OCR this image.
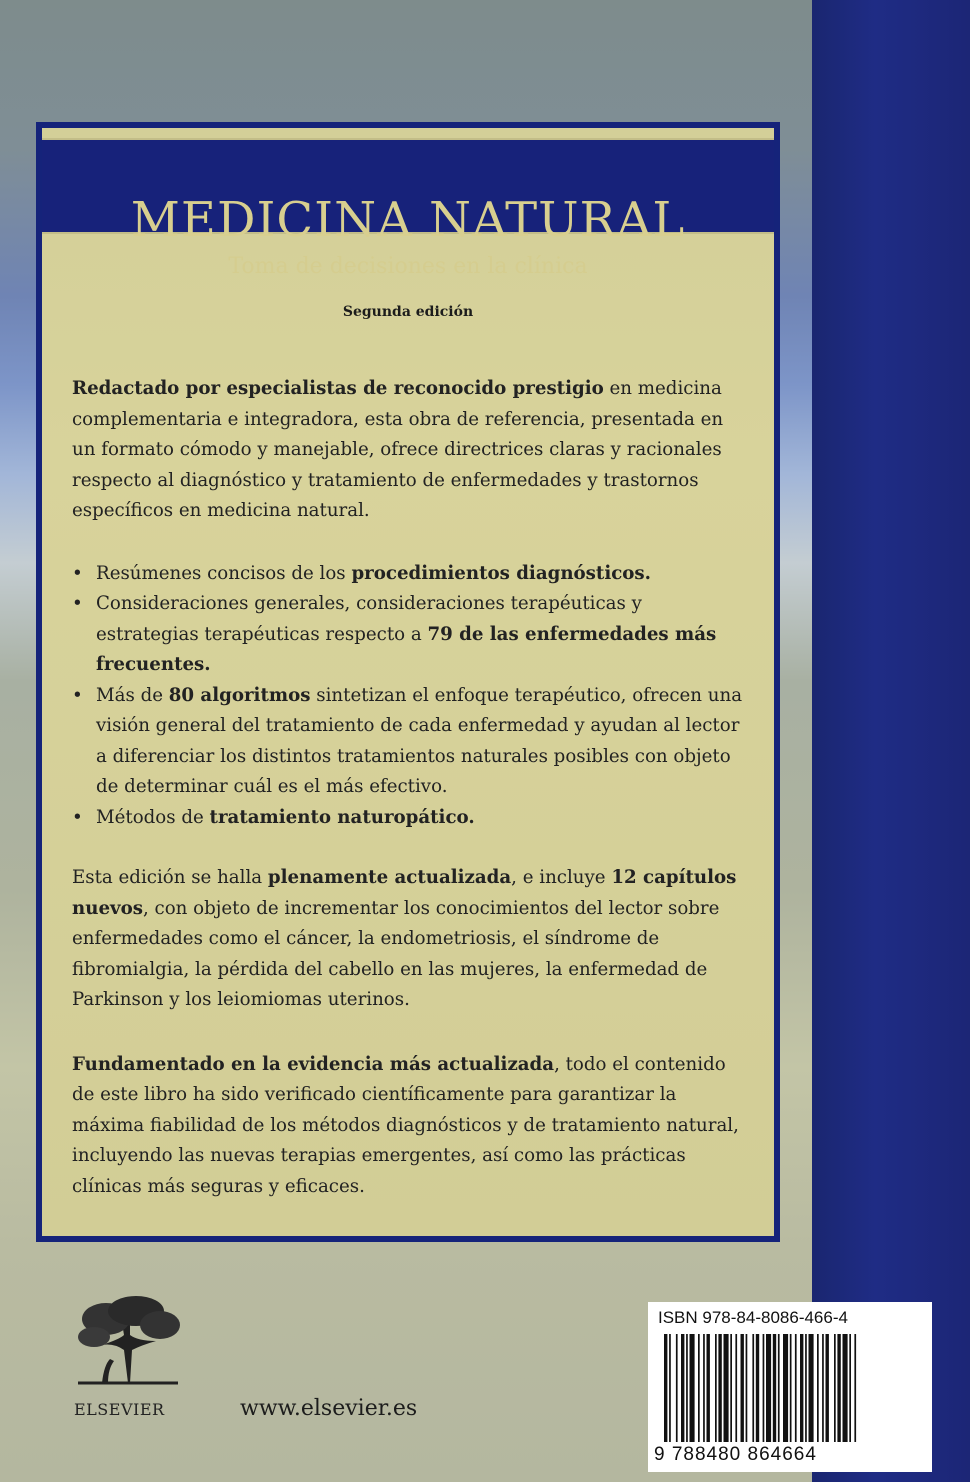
MEDICINA NATURAL
Toma de decisiones en la clínica
Segunda edición

Redactado por especialistas de reconocido prestigio en medicina complementaria e integradora, esta obra de referencia, presentada en un formato cómodo y manejable, ofrece directrices claras y racionales respecto al diagnóstico y tratamiento de enfermedades y trastornos específicos en medicina natural.

• Resúmenes concisos de los procedimientos diagnósticos.
• Consideraciones generales, consideraciones terapéuticas y estrategias terapéuticas respecto a 79 de las enfermedades más frecuentes.
• Más de 80 algoritmos sintetizan el enfoque terapéutico, ofrecen una visión general del tratamiento de cada enfermedad y ayudan al lector a diferenciar los distintos tratamientos naturales posibles con objeto de determinar cuál es el más efectivo.
• Métodos de tratamiento naturopático.

Esta edición se halla plenamente actualizada, e incluye 12 capítulos nuevos, con objeto de incrementar los conocimientos del lector sobre enfermedades como el cáncer, la endometriosis, el síndrome de fibromialgia, la pérdida del cabello en las mujeres, la enfermedad de Parkinson y los leiomiomas uterinos.

Fundamentado en la evidencia más actualizada, todo el contenido de este libro ha sido verificado científicamente para garantizar la máxima fiabilidad de los métodos diagnósticos y de tratamiento natural, incluyendo las nuevas terapias emergentes, así como las prácticas clínicas más seguras y eficaces.

ELSEVIER	www.elsevier.es
ISBN 978-84-8086-466-4
9 788480 864664
